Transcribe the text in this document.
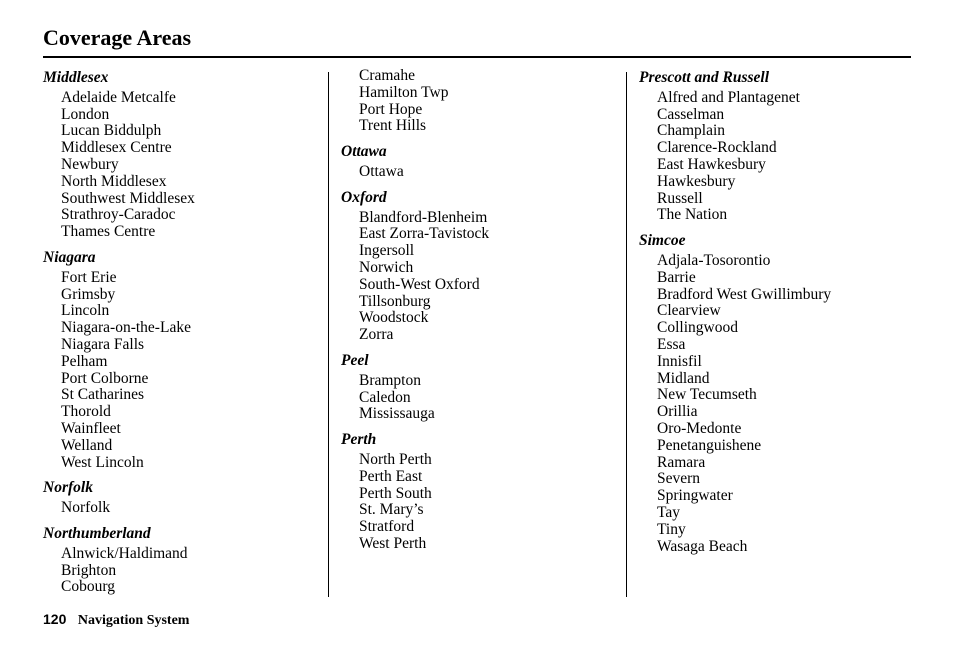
Coverage Areas
Middlesex
Adelaide Metcalfe
London
Lucan Biddulph
Middlesex Centre
Newbury
North Middlesex
Southwest Middlesex
Strathroy-Caradoc
Thames Centre
Niagara
Fort Erie
Grimsby
Lincoln
Niagara-on-the-Lake
Niagara Falls
Pelham
Port Colborne
St Catharines
Thorold
Wainfleet
Welland
West Lincoln
Norfolk
Norfolk
Northumberland
Alnwick/Haldimand
Brighton
Cobourg
Cramahe
Hamilton Twp
Port Hope
Trent Hills
Ottawa
Ottawa
Oxford
Blandford-Blenheim
East Zorra-Tavistock
Ingersoll
Norwich
South-West Oxford
Tillsonburg
Woodstock
Zorra
Peel
Brampton
Caledon
Mississauga
Perth
North Perth
Perth East
Perth South
St. Mary’s
Stratford
West Perth
Prescott and Russell
Alfred and Plantagenet
Casselman
Champlain
Clarence-Rockland
East Hawkesbury
Hawkesbury
Russell
The Nation
Simcoe
Adjala-Tosorontio
Barrie
Bradford West Gwillimbury
Clearview
Collingwood
Essa
Innisfil
Midland
New Tecumseth
Orillia
Oro-Medonte
Penetanguishene
Ramara
Severn
Springwater
Tay
Tiny
Wasaga Beach
120 Navigation System
